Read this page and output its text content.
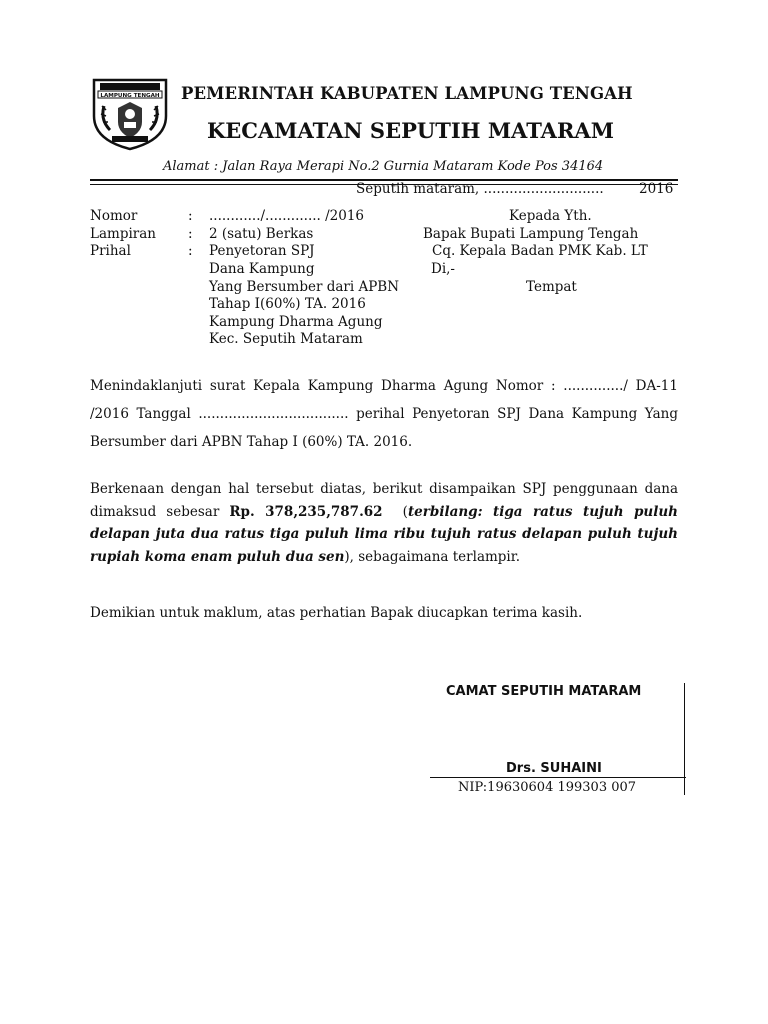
LAMPUNG TENGAH PEMERINTAH KABUPATEN LAMPUNG TENGAH
KECAMATAN SEPUTIH MATARAM
Alamat : Jalan Raya Merapi No.2 Gurnia Mataram Kode Pos 34164
Seputih mataram, ............................	2016
Nomor	: ............/............. /2016
Lampiran : 2 (satu) Berkas
Prihal	: Penyetoran SPJ
Dana Kampung
Yang Bersumber dari APBN
Tahap I(60%) TA. 2016
Kampung Dharma Agung
Kec. Seputih Mataram
Kepada Yth.
Bapak Bupati Lampung Tengah
Cq. Kepala Badan PMK Kab. LT
Di,-
Tempat
Menindaklanjuti surat Kepala Kampung Dharma Agung Nomor : ............../ DA-11 /2016 Tanggal ................................... perihal Penyetoran SPJ Dana Kampung Yang Bersumber dari APBN Tahap I (60%) TA. 2016.
Berkenaan dengan hal tersebut diatas, berikut disampaikan SPJ penggunaan dana dimaksud sebesar Rp. 378,235,787.62  (terbilang: tiga ratus tujuh puluh delapan juta dua ratus tiga puluh lima ribu tujuh ratus delapan puluh tujuh rupiah koma enam puluh dua sen), sebagaimana terlampir.
Demikian untuk maklum, atas perhatian Bapak diucapkan terima kasih.
CAMAT SEPUTIH MATARAM
Drs. SUHAINI
NIP:19630604 199303 007
